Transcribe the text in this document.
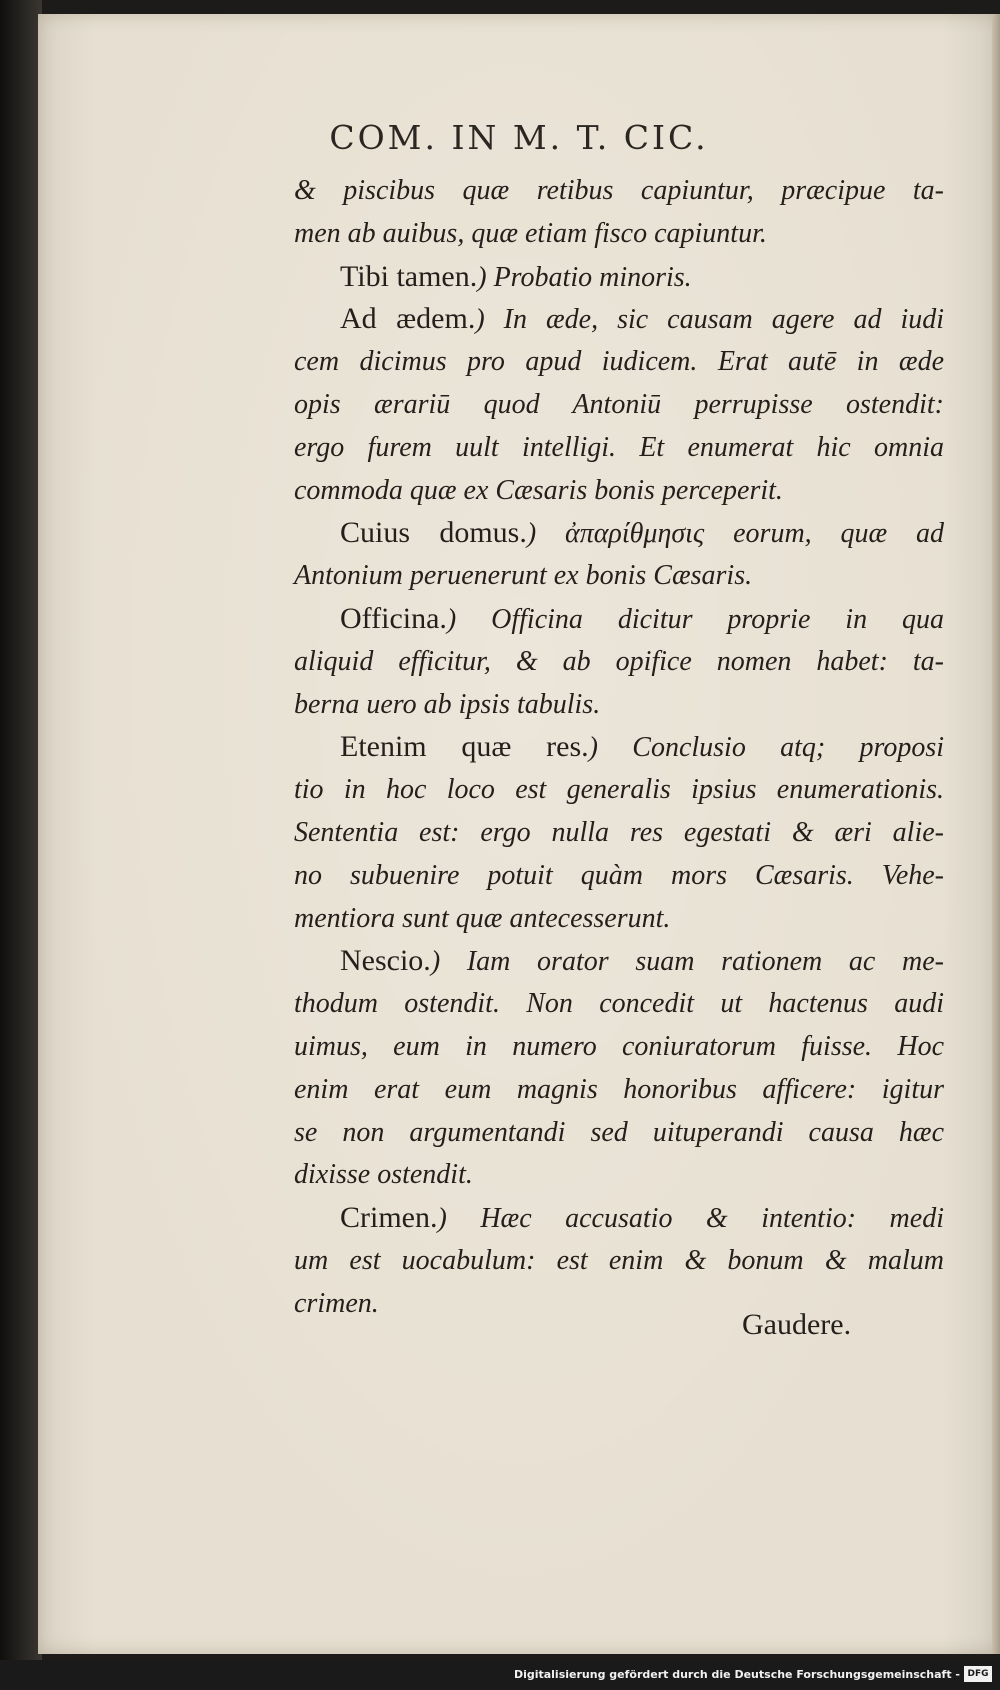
COM. IN M. T. CIC.
& piscibus quæ retibus capiuntur, præcipue ta-
men ab auibus, quæ etiam fisco capiuntur.
Tibi tamen.) Probatio minoris.
Ad ædem.) In æde, sic causam agere ad iudi
cem dicimus pro apud iudicem. Erat autē in æde
opis ærariū quod Antoniū perrupisse ostendit:
ergo furem uult intelligi. Et enumerat hic omnia
commoda quæ ex Cæsaris bonis perceperit.
Cuius domus.) ἀπαρίθμησις eorum, quæ ad
Antonium peruenerunt ex bonis Cæsaris.
Officina.) Officina dicitur proprie in qua
aliquid efficitur, & ab opifice nomen habet: ta-
berna uero ab ipsis tabulis.
Etenim quæ res.) Conclusio atq; proposi
tio in hoc loco est generalis ipsius enumerationis.
Sententia est: ergo nulla res egestati & æri alie-
no subuenire potuit quàm mors Cæsaris. Vehe-
mentiora sunt quæ antecesserunt.
Nescio.) Iam orator suam rationem ac me-
thodum ostendit. Non concedit ut hactenus audi
uimus, eum in numero coniuratorum fuisse. Hoc
enim erat eum magnis honoribus afficere: igitur
se non argumentandi sed uituperandi causa hæc
dixisse ostendit.
Crimen.) Hæc accusatio & intentio: medi
um est uocabulum: est enim & bonum & malum
crimen.
Gaudere.
Digitalisierung gefördert durch die Deutsche Forschungsgemeinschaft - DFG
